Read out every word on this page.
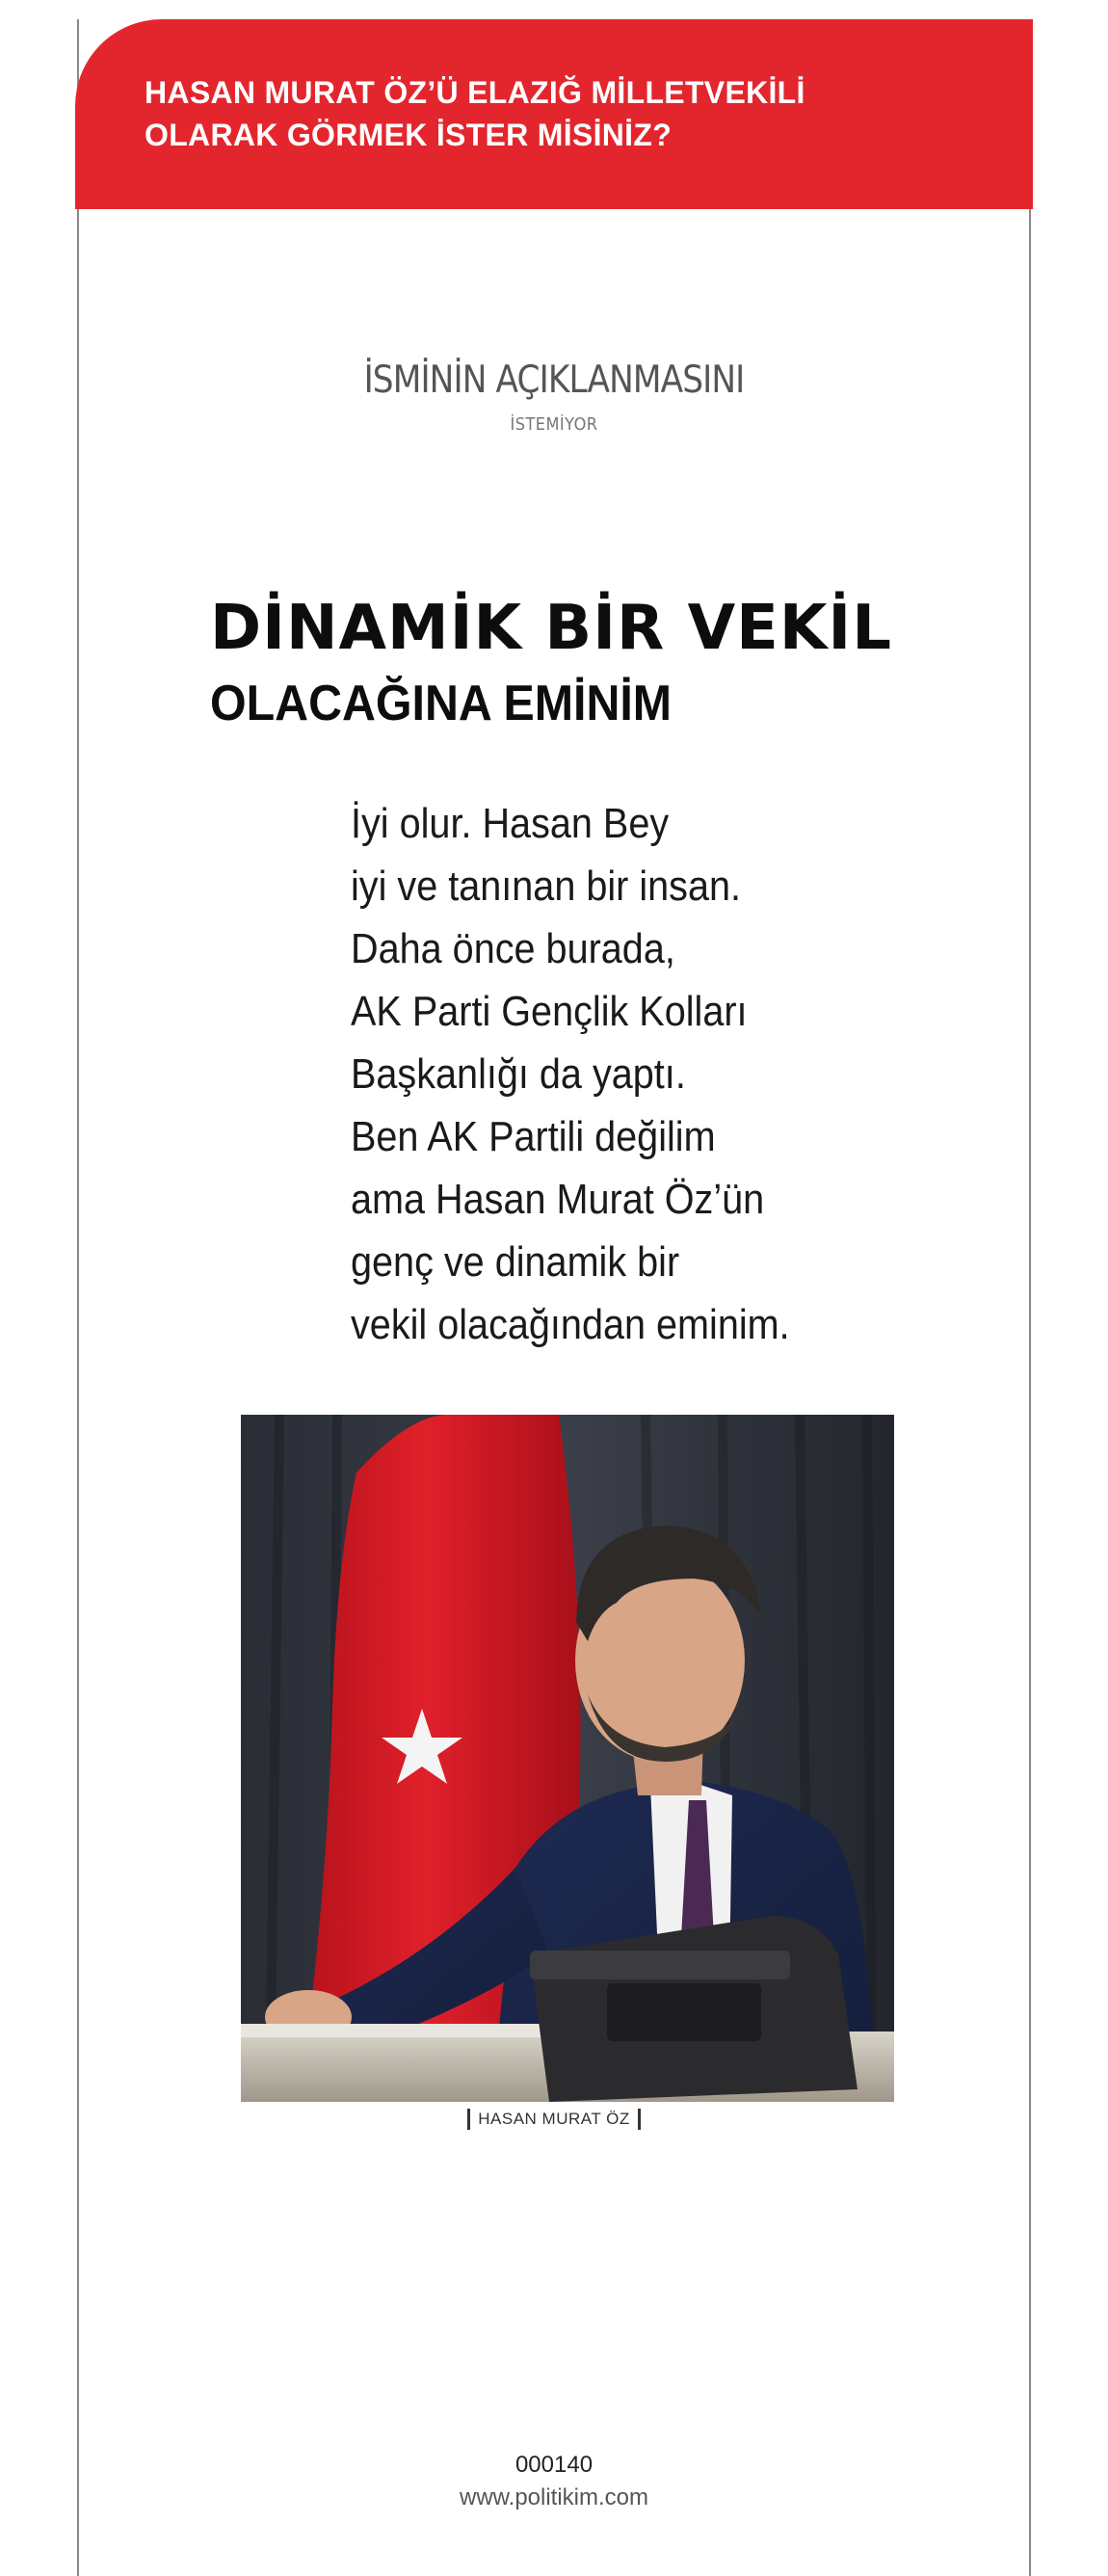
HASAN MURAT ÖZ’Ü ELAZIĞ MİLLETVEKİLİ
OLARAK GÖRMEK İSTER MİSİNİZ?
İSMİNİN AÇIKLANMASINI
İSTEMİYOR
DİNAMİK BİR VEKİL
OLACAĞINA EMİNİM
İyi olur. Hasan Bey
iyi ve tanınan bir insan.
Daha önce burada,
AK Parti Gençlik Kolları
Başkanlığı da yaptı.
Ben AK Partili değilim
ama Hasan Murat Öz’ün
genç ve dinamik bir
vekil olacağından eminim.
HASAN MURAT ÖZ
000140
www.politikim.com
